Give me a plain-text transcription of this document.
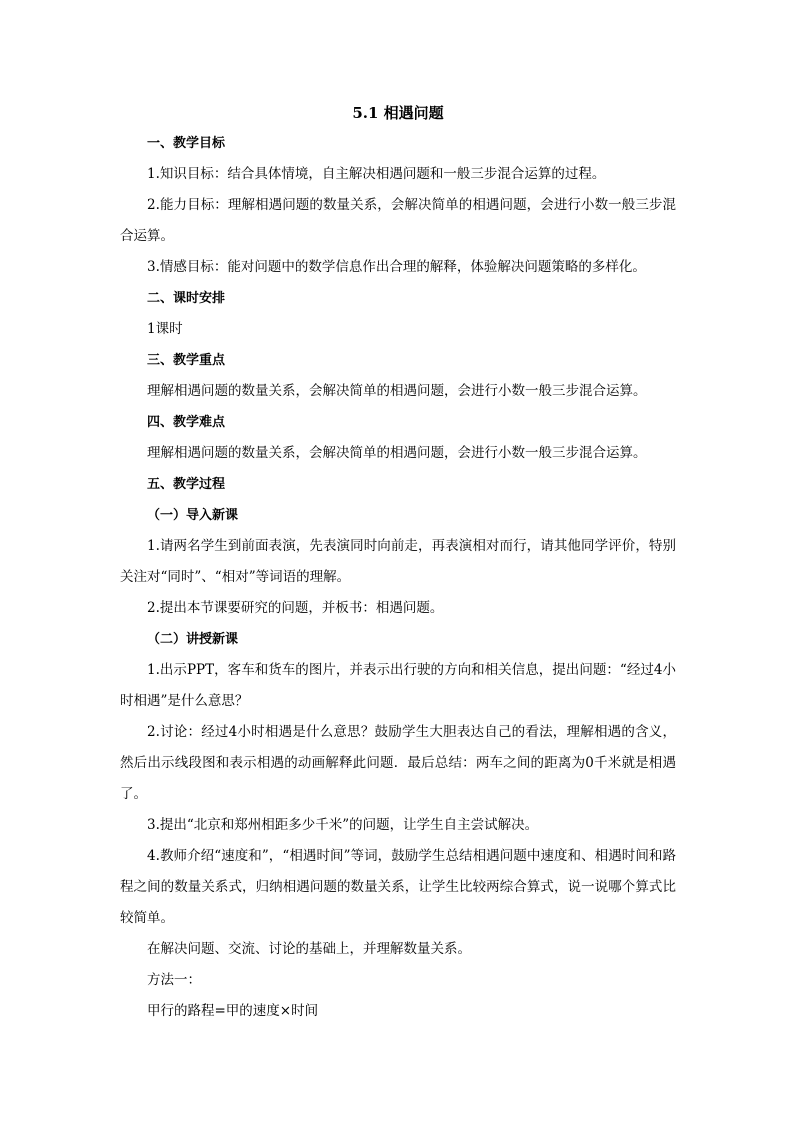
5.1 相遇问题
一、教学目标
1.知识目标：结合具体情境，自主解决相遇问题和一般三步混合运算的过程。
2.能力目标：理解相遇问题的数量关系，会解决简单的相遇问题，会进行小数一般三步混合运算。
3.情感目标：能对问题中的数学信息作出合理的解释，体验解决问题策略的多样化。
二、课时安排
1课时
三、教学重点
理解相遇问题的数量关系，会解决简单的相遇问题，会进行小数一般三步混合运算。
四、教学难点
理解相遇问题的数量关系，会解决简单的相遇问题，会进行小数一般三步混合运算。
五、教学过程
（一）导入新课
1.请两名学生到前面表演，先表演同时向前走，再表演相对而行，请其他同学评价，特别关注对“同时”、“相对”等词语的理解。
2.提出本节课要研究的问题，并板书：相遇问题。
（二）讲授新课
1.出示PPT，客车和货车的图片，并表示出行驶的方向和相关信息，提出问题：“经过4小时相遇”是什么意思？
2.讨论：经过4小时相遇是什么意思？鼓励学生大胆表达自己的看法，理解相遇的含义，然后出示线段图和表示相遇的动画解释此问题．最后总结：两车之间的距离为0千米就是相遇了。
3.提出“北京和郑州相距多少千米”的问题，让学生自主尝试解决。
4.教师介绍“速度和”，“相遇时间”等词，鼓励学生总结相遇问题中速度和、相遇时间和路程之间的数量关系式，归纳相遇问题的数量关系，让学生比较两综合算式，说一说哪个算式比较简单。
在解决问题、交流、讨论的基础上，并理解数量关系。
方法一：
甲行的路程=甲的速度×时间
